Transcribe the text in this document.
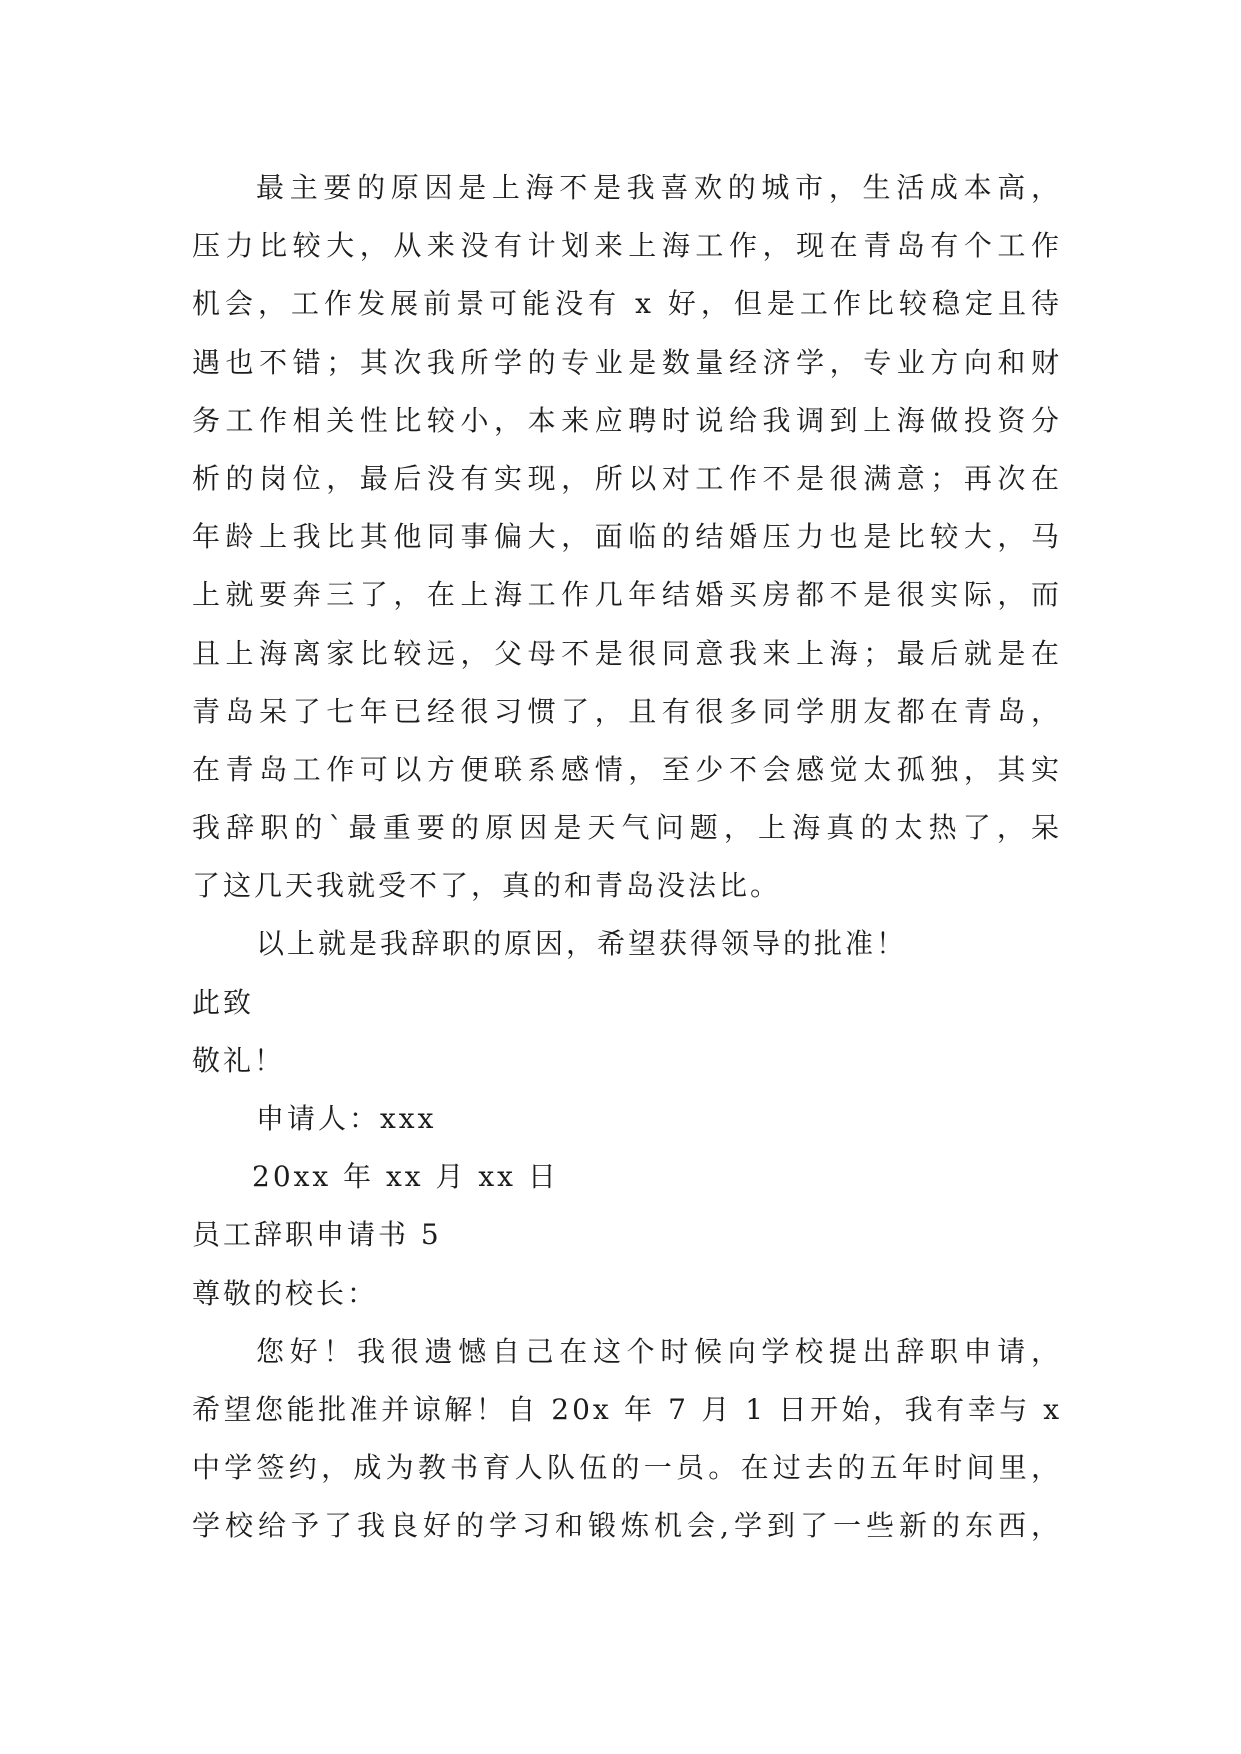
最主要的原因是上海不是我喜欢的城市，生活成本高，
压力比较大，从来没有计划来上海工作，现在青岛有个工作
机会，工作发展前景可能没有 x 好，但是工作比较稳定且待
遇也不错；其次我所学的专业是数量经济学，专业方向和财
务工作相关性比较小，本来应聘时说给我调到上海做投资分
析的岗位，最后没有实现，所以对工作不是很满意；再次在
年龄上我比其他同事偏大，面临的结婚压力也是比较大，马
上就要奔三了，在上海工作几年结婚买房都不是很实际，而
且上海离家比较远，父母不是很同意我来上海；最后就是在
青岛呆了七年已经很习惯了，且有很多同学朋友都在青岛，
在青岛工作可以方便联系感情，至少不会感觉太孤独，其实
我辞职的`最重要的原因是天气问题，上海真的太热了，呆
了这几天我就受不了，真的和青岛没法比。
以上就是我辞职的原因，希望获得领导的批准！
此致
敬礼！
申请人：xxx
20xx 年 xx 月 xx 日
员工辞职申请书 5
尊敬的校长：
您好！我很遗憾自己在这个时候向学校提出辞职申请，
希望您能批准并谅解！自 20x 年 7 月 1 日开始，我有幸与 x
中学签约，成为教书育人队伍的一员。在过去的五年时间里，
学校给予了我良好的学习和锻炼机会,学到了一些新的东西，
